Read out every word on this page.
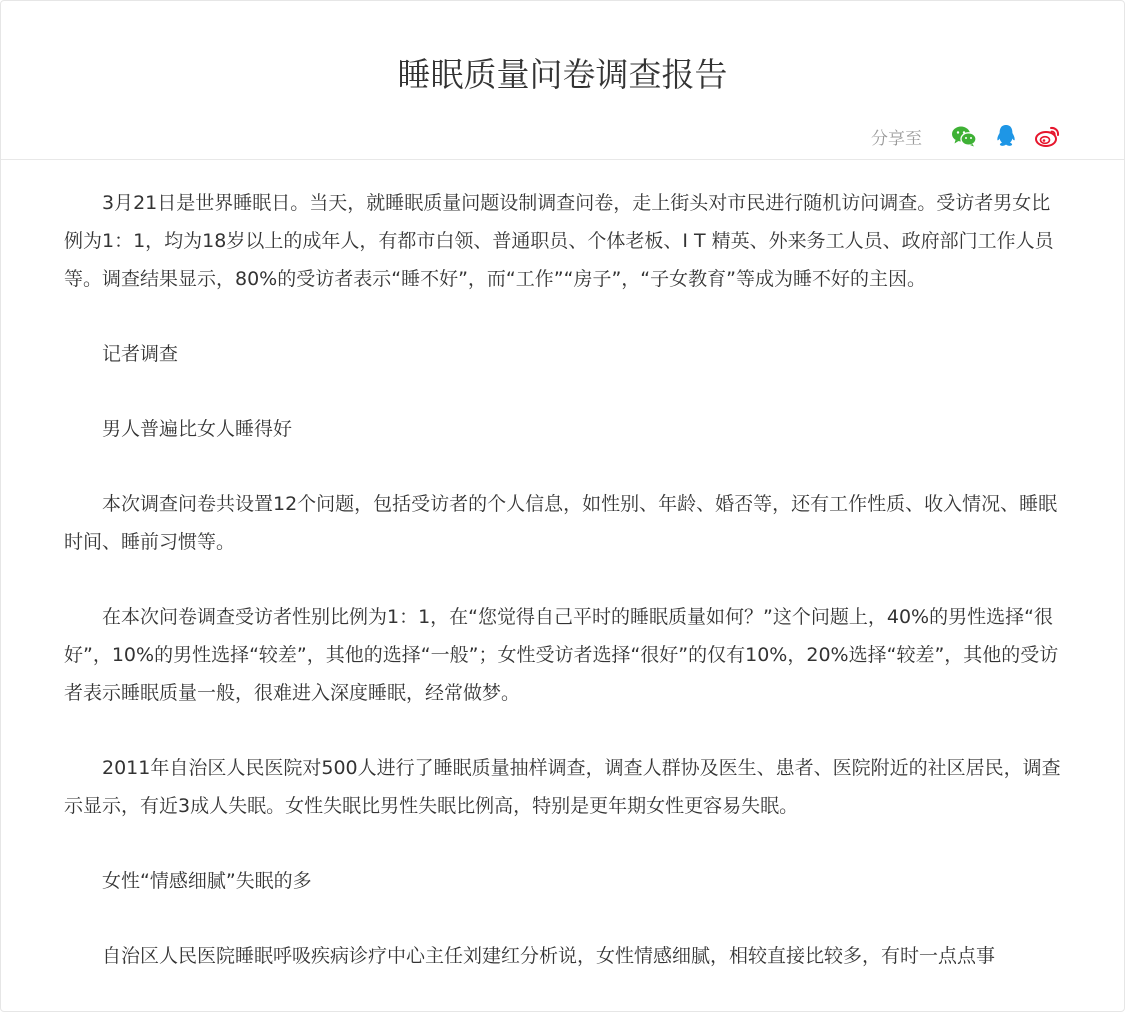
睡眠质量问卷调查报告
分享至

3月21日是世界睡眠日。当天，就睡眠质量问题设制调查问卷，走上街头对市民进行随机访问调查。受访者男女比例为1：1，均为18岁以上的成年人，有都市白领、普通职员、个体老板、I T 精英、外来务工人员、政府部门工作人员等。调查结果显示，80%的受访者表示“睡不好”，而“工作”“房子”，“子女教育”等成为睡不好的主因。

记者调查

男人普遍比女人睡得好

本次调查问卷共设置12个问题，包括受访者的个人信息，如性别、年龄、婚否等，还有工作性质、收入情况、睡眠时间、睡前习惯等。

在本次问卷调查受访者性别比例为1：1，在“您觉得自己平时的睡眠质量如何？”这个问题上，40%的男性选择“很好”，10%的男性选择“较差”，其他的选择“一般”；女性受访者选择“很好”的仅有10%，20%选择“较差”，其他的受访者表示睡眠质量一般，很难进入深度睡眠，经常做梦。

2011年自治区人民医院对500人进行了睡眠质量抽样调查，调查人群协及医生、患者、医院附近的社区居民，调查示显示，有近3成人失眠。女性失眠比男性失眠比例高，特别是更年期女性更容易失眠。

女性“情感细腻”失眠的多

自治区人民医院睡眠呼吸疾病诊疗中心主任刘建红分析说，女性情感细腻，相较直接比较多，有时一点点事
